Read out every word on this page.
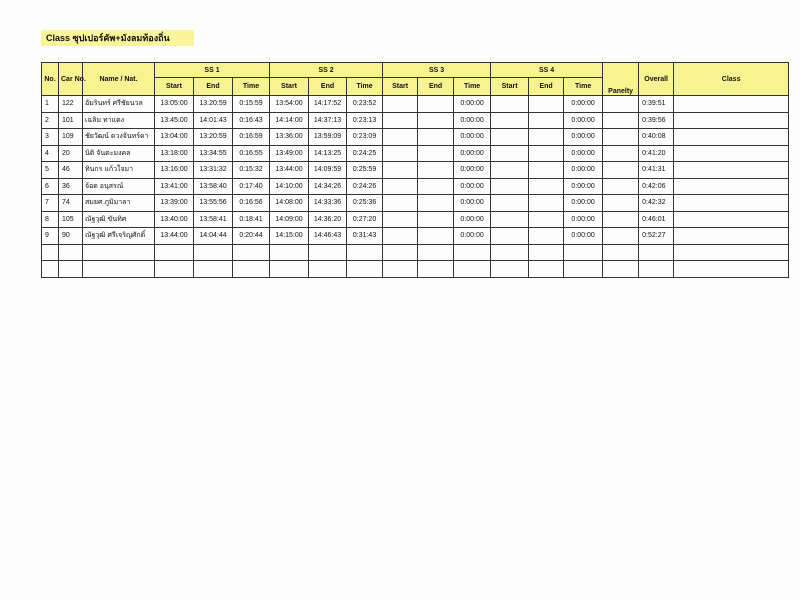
Class ซุปเปอร์คัพ+มังลมท้องถิ่น
No.	Car No.	Name / Nat.	SS 1			SS 2			SS 3			SS 4			Panelty	Overall	Class
			Start	End	Time	Start	End	Time	Start	End	Time	Start	End	Time			
1	122	อัมรินทร์ ศรีชัยนวล	13:05:00	13:20:59	0:15:59	13:54:00	14:17:52	0:23:52			0:00:00			0:00:00		0:39:51	
2	101	เฉลิม ทาแดง	13:45:00	14:01:43	0:16:43	14:14:00	14:37:13	0:23:13			0:00:00			0:00:00		0:39:56	
3	109	ชัยวัฒน์ ดวงจันทร์ดา	13:04:00	13:20:59	0:16:59	13:36:00	13:59:09	0:23:09			0:00:00			0:00:00		0:40:08	
4	20	นิติ จันตะมงคล	13:18:00	13:34:55	0:16:55	13:49:00	14:13:25	0:24:25			0:00:00			0:00:00		0:41:20	
5	46	ทินกร แก้วใจมา	13:16:00	13:31:32	0:15:32	13:44:00	14:09:59	0:25:59			0:00:00			0:00:00		0:41:31	
6	36	จ้อด อนุสรณ์	13:41:00	13:58:40	0:17:40	14:10:00	14:34:26	0:24:26			0:00:00			0:00:00		0:42:06	
7	74	สมยศ ภูมิมาลา	13:39:00	13:55:56	0:16:56	14:08:00	14:33:36	0:25:36			0:00:00			0:00:00		0:42:32	
8	105	ณัฐวุฒิ ขันทิศ	13:40:00	13:58:41	0:18:41	14:09:00	14:36:20	0:27:20			0:00:00			0:00:00		0:46:01	
9	90	ณัฐวุฒิ ศรีเจริญศักดิ์	13:44:00	14:04:44	0:20:44	14:15:00	14:46:43	0:31:43			0:00:00			0:00:00		0:52:27	
